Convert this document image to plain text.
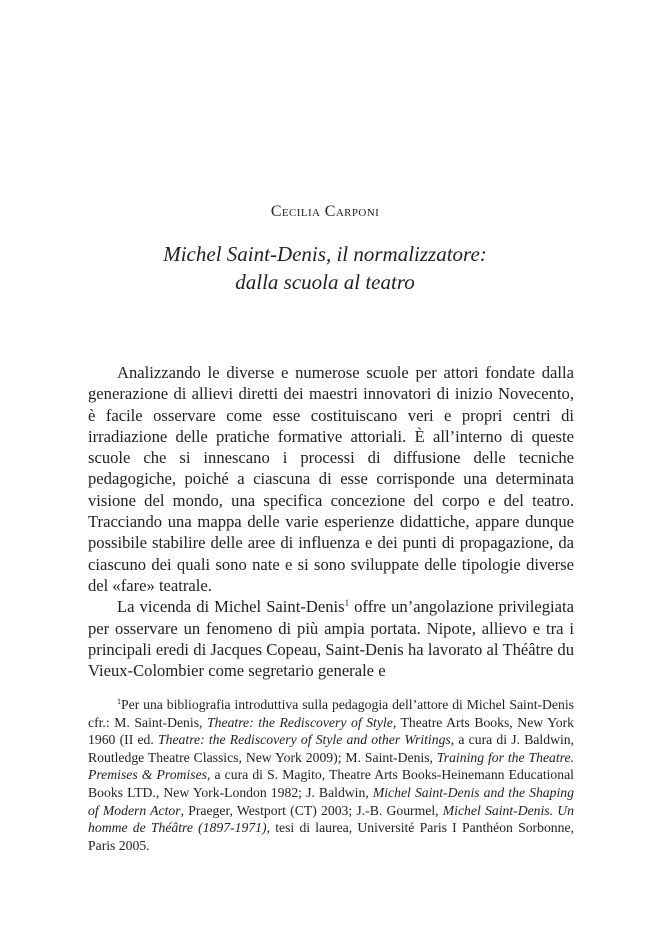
Cecilia Carponi
Michel Saint-Denis, il normalizzatore:
dalla scuola al teatro

Analizzando le diverse e numerose scuole per attori fondate dalla generazione di allievi diretti dei maestri innovatori di inizio Novecento, è facile osservare come esse costituiscano veri e propri centri di irradiazione delle pratiche formative attoriali. È all’interno di queste scuole che si innescano i processi di diffusione delle tecniche pedagogiche, poiché a ciascuna di esse corrisponde una determinata visione del mondo, una specifica concezione del corpo e del teatro. Tracciando una mappa delle varie esperienze didattiche, appare dunque possibile stabilire delle aree di influenza e dei punti di propagazione, da ciascuno dei quali sono nate e si sono sviluppate delle tipologie diverse del «fare» teatrale.

La vicenda di Michel Saint-Denis$^1$ offre un’angolazione privilegiata per osservare un fenomeno di più ampia portata. Nipote, allievo e tra i principali eredi di Jacques Copeau, Saint-Denis ha lavorato al Théâtre du Vieux-Colombier come segretario generale e

$^1$Per una bibliografia introduttiva sulla pedagogia dell’attore di Michel Saint-Denis cfr.: M. Saint-Denis, Theatre: the Rediscovery of Style, Theatre Arts Books, New York 1960 (II ed. Theatre: the Rediscovery of Style and other Writings, a cura di J. Baldwin, Routledge Theatre Classics, New York 2009); M. Saint-Denis, Training for the Theatre. Premises & Promises, a cura di S. Magito, Theatre Arts Books-Heinemann Educational Books LTD., New York-London 1982; J. Baldwin, Michel Saint-Denis and the Shaping of Modern Actor, Praeger, Westport (CT) 2003; J.-B. Gourmel, Michel Saint-Denis. Un homme de Théâtre (1897-1971), tesi di laurea, Université Paris I Panthéon Sorbonne, Paris 2005.
